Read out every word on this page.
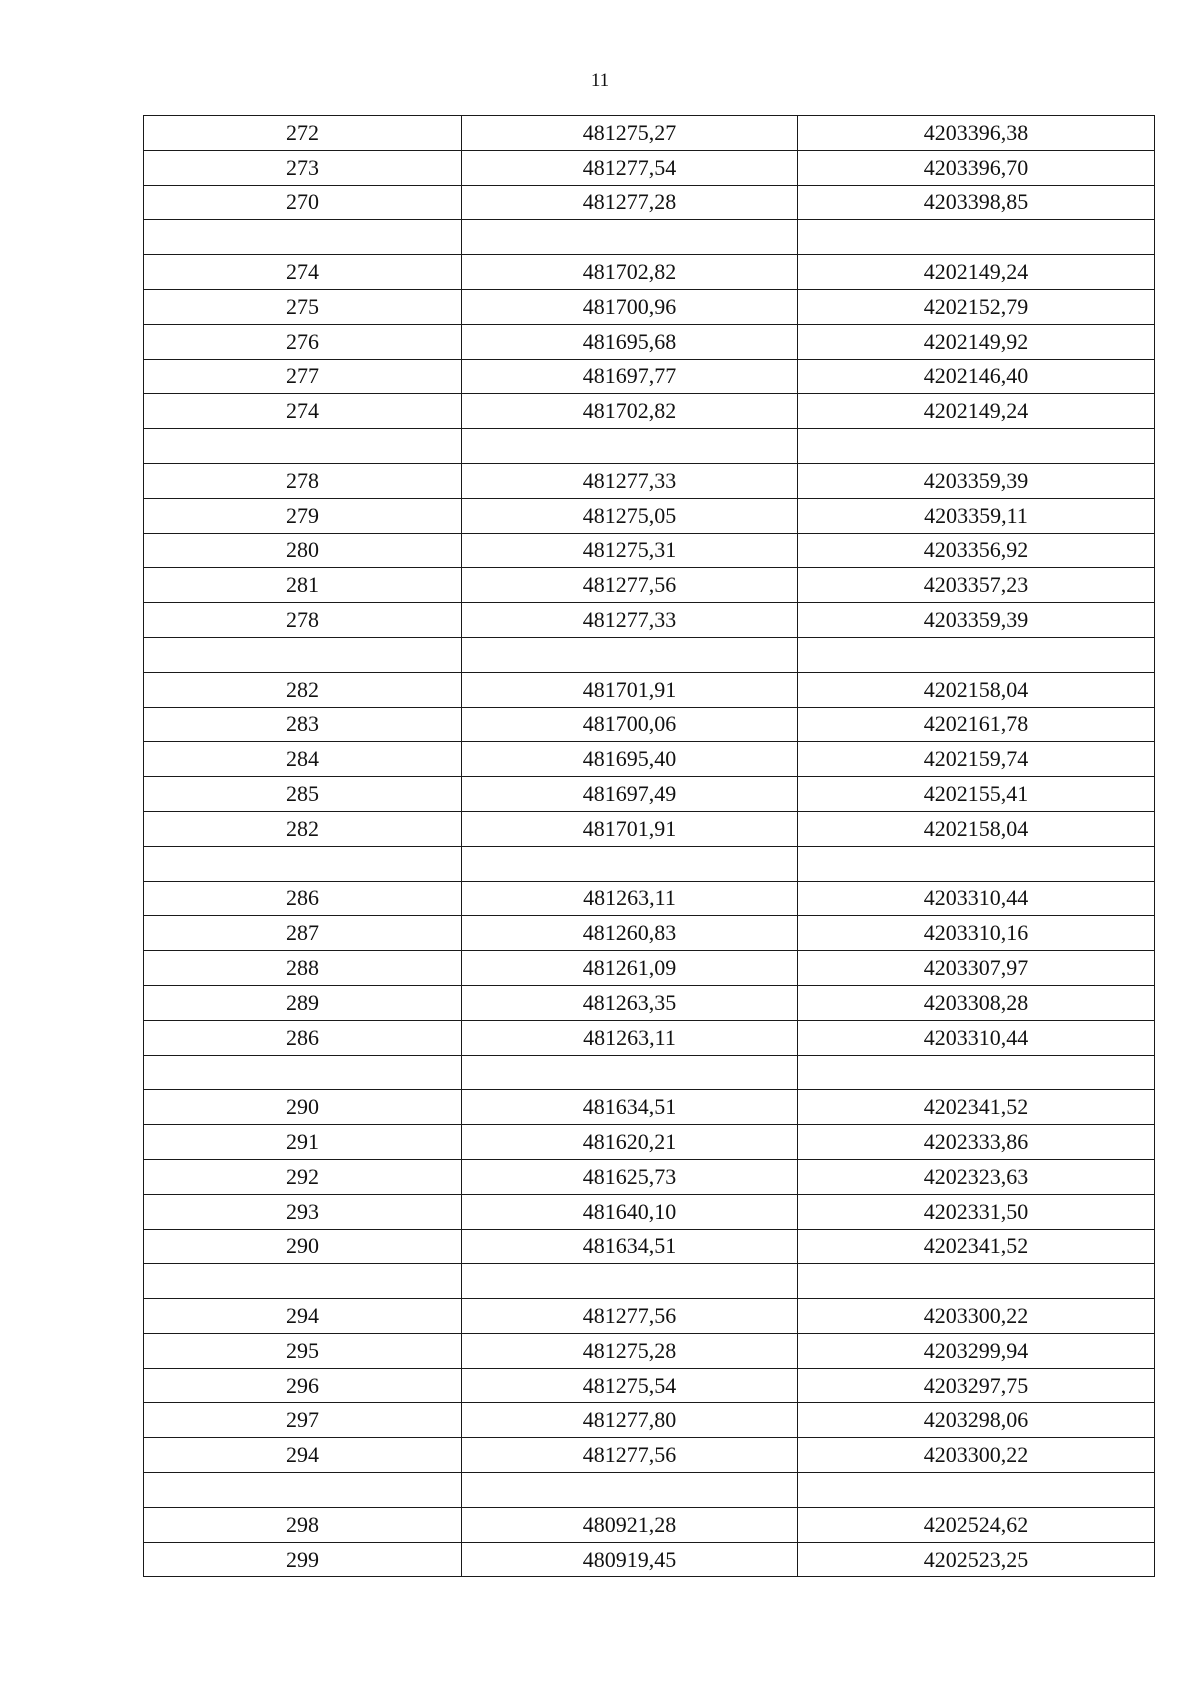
11
272	481275,27	4203396,38
273	481277,54	4203396,70
270	481277,28	4203398,85

274	481702,82	4202149,24
275	481700,96	4202152,79
276	481695,68	4202149,92
277	481697,77	4202146,40
274	481702,82	4202149,24

278	481277,33	4203359,39
279	481275,05	4203359,11
280	481275,31	4203356,92
281	481277,56	4203357,23
278	481277,33	4203359,39

282	481701,91	4202158,04
283	481700,06	4202161,78
284	481695,40	4202159,74
285	481697,49	4202155,41
282	481701,91	4202158,04

286	481263,11	4203310,44
287	481260,83	4203310,16
288	481261,09	4203307,97
289	481263,35	4203308,28
286	481263,11	4203310,44

290	481634,51	4202341,52
291	481620,21	4202333,86
292	481625,73	4202323,63
293	481640,10	4202331,50
290	481634,51	4202341,52

294	481277,56	4203300,22
295	481275,28	4203299,94
296	481275,54	4203297,75
297	481277,80	4203298,06
294	481277,56	4203300,22

298	480921,28	4202524,62
299	480919,45	4202523,25
